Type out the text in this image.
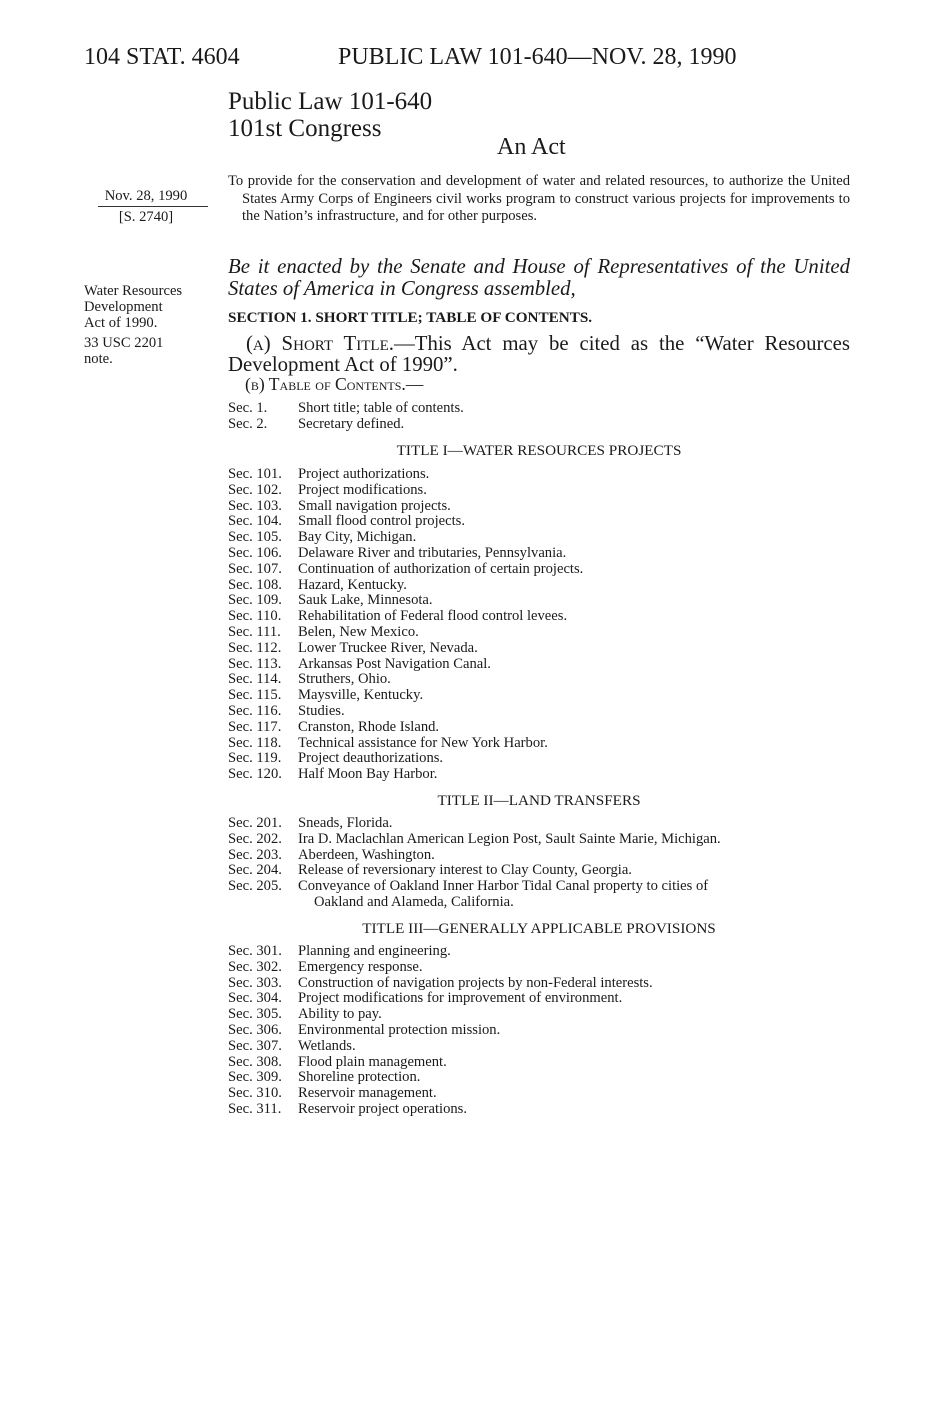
104 STAT. 4604	PUBLIC LAW 101-640—NOV. 28, 1990
Public Law 101-640
101st Congress
An Act
Nov. 28, 1990
[S. 2740]
To provide for the conservation and development of water and related resources, to authorize the United States Army Corps of Engineers civil works program to construct various projects for improvements to the Nation’s infrastructure, and for other purposes.
Water Resources
Development
Act of 1990.
33 USC 2201
note.
Be it enacted by the Senate and House of Representatives of the United States of America in Congress assembled,
SECTION 1. SHORT TITLE; TABLE OF CONTENTS.
(a) Short Title.—This Act may be cited as the “Water Resources Development Act of 1990”.
(b) Table of Contents.—
Sec. 1. Short title; table of contents.
Sec. 2. Secretary defined.
TITLE I—WATER RESOURCES PROJECTS
Sec. 101. Project authorizations.
Sec. 102. Project modifications.
Sec. 103. Small navigation projects.
Sec. 104. Small flood control projects.
Sec. 105. Bay City, Michigan.
Sec. 106. Delaware River and tributaries, Pennsylvania.
Sec. 107. Continuation of authorization of certain projects.
Sec. 108. Hazard, Kentucky.
Sec. 109. Sauk Lake, Minnesota.
Sec. 110. Rehabilitation of Federal flood control levees.
Sec. 111. Belen, New Mexico.
Sec. 112. Lower Truckee River, Nevada.
Sec. 113. Arkansas Post Navigation Canal.
Sec. 114. Struthers, Ohio.
Sec. 115. Maysville, Kentucky.
Sec. 116. Studies.
Sec. 117. Cranston, Rhode Island.
Sec. 118. Technical assistance for New York Harbor.
Sec. 119. Project deauthorizations.
Sec. 120. Half Moon Bay Harbor.
TITLE II—LAND TRANSFERS
Sec. 201. Sneads, Florida.
Sec. 202. Ira D. Maclachlan American Legion Post, Sault Sainte Marie, Michigan.
Sec. 203. Aberdeen, Washington.
Sec. 204. Release of reversionary interest to Clay County, Georgia.
Sec. 205. Conveyance of Oakland Inner Harbor Tidal Canal property to cities of
Oakland and Alameda, California.
TITLE III—GENERALLY APPLICABLE PROVISIONS
Sec. 301. Planning and engineering.
Sec. 302. Emergency response.
Sec. 303. Construction of navigation projects by non-Federal interests.
Sec. 304. Project modifications for improvement of environment.
Sec. 305. Ability to pay.
Sec. 306. Environmental protection mission.
Sec. 307. Wetlands.
Sec. 308. Flood plain management.
Sec. 309. Shoreline protection.
Sec. 310. Reservoir management.
Sec. 311. Reservoir project operations.
